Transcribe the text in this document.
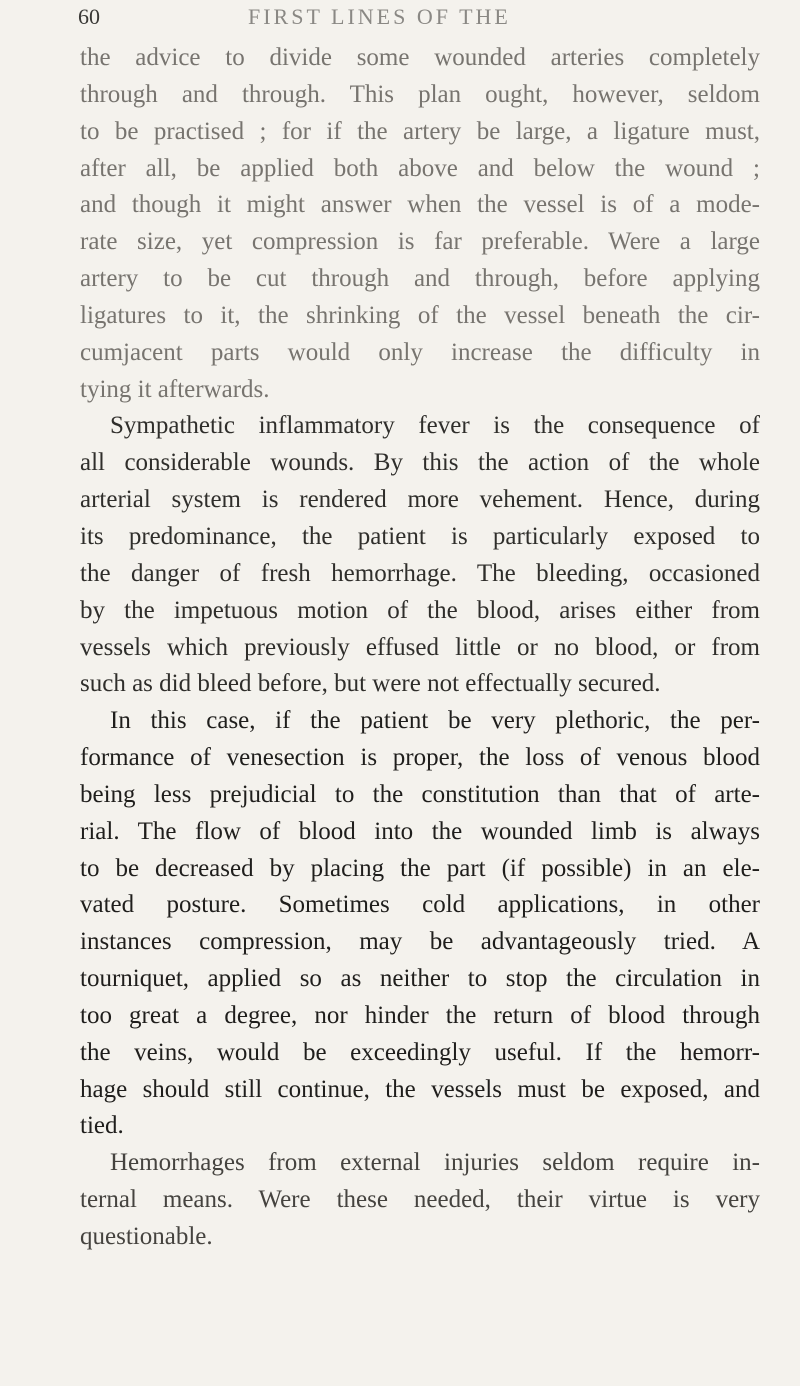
60	FIRST LINES OF THE
the advice to divide some wounded arteries completely
through and through. This plan ought, however, seldom
to be practised ; for if the artery be large, a ligature must,
after all, be applied both above and below the wound ;
and though it might answer when the vessel is of a mode-
rate size, yet compression is far preferable. Were a large
artery to be cut through and through, before applying
ligatures to it, the shrinking of the vessel beneath the cir-
cumjacent parts would only increase the difficulty in
tying it afterwards.
Sympathetic inflammatory fever is the consequence of
all considerable wounds. By this the action of the whole
arterial system is rendered more vehement. Hence, during
its predominance, the patient is particularly exposed to
the danger of fresh hemorrhage. The bleeding, occasioned
by the impetuous motion of the blood, arises either from
vessels which previously effused little or no blood, or from
such as did bleed before, but were not effectually secured.
In this case, if the patient be very plethoric, the per-
formance of venesection is proper, the loss of venous blood
being less prejudicial to the constitution than that of arte-
rial. The flow of blood into the wounded limb is always
to be decreased by placing the part (if possible) in an ele-
vated posture. Sometimes cold applications, in other
instances compression, may be advantageously tried. A
tourniquet, applied so as neither to stop the circulation in
too great a degree, nor hinder the return of blood through
the veins, would be exceedingly useful. If the hemorr-
hage should still continue, the vessels must be exposed, and
tied.
Hemorrhages from external injuries seldom require in-
ternal means. Were these needed, their virtue is very
questionable.
